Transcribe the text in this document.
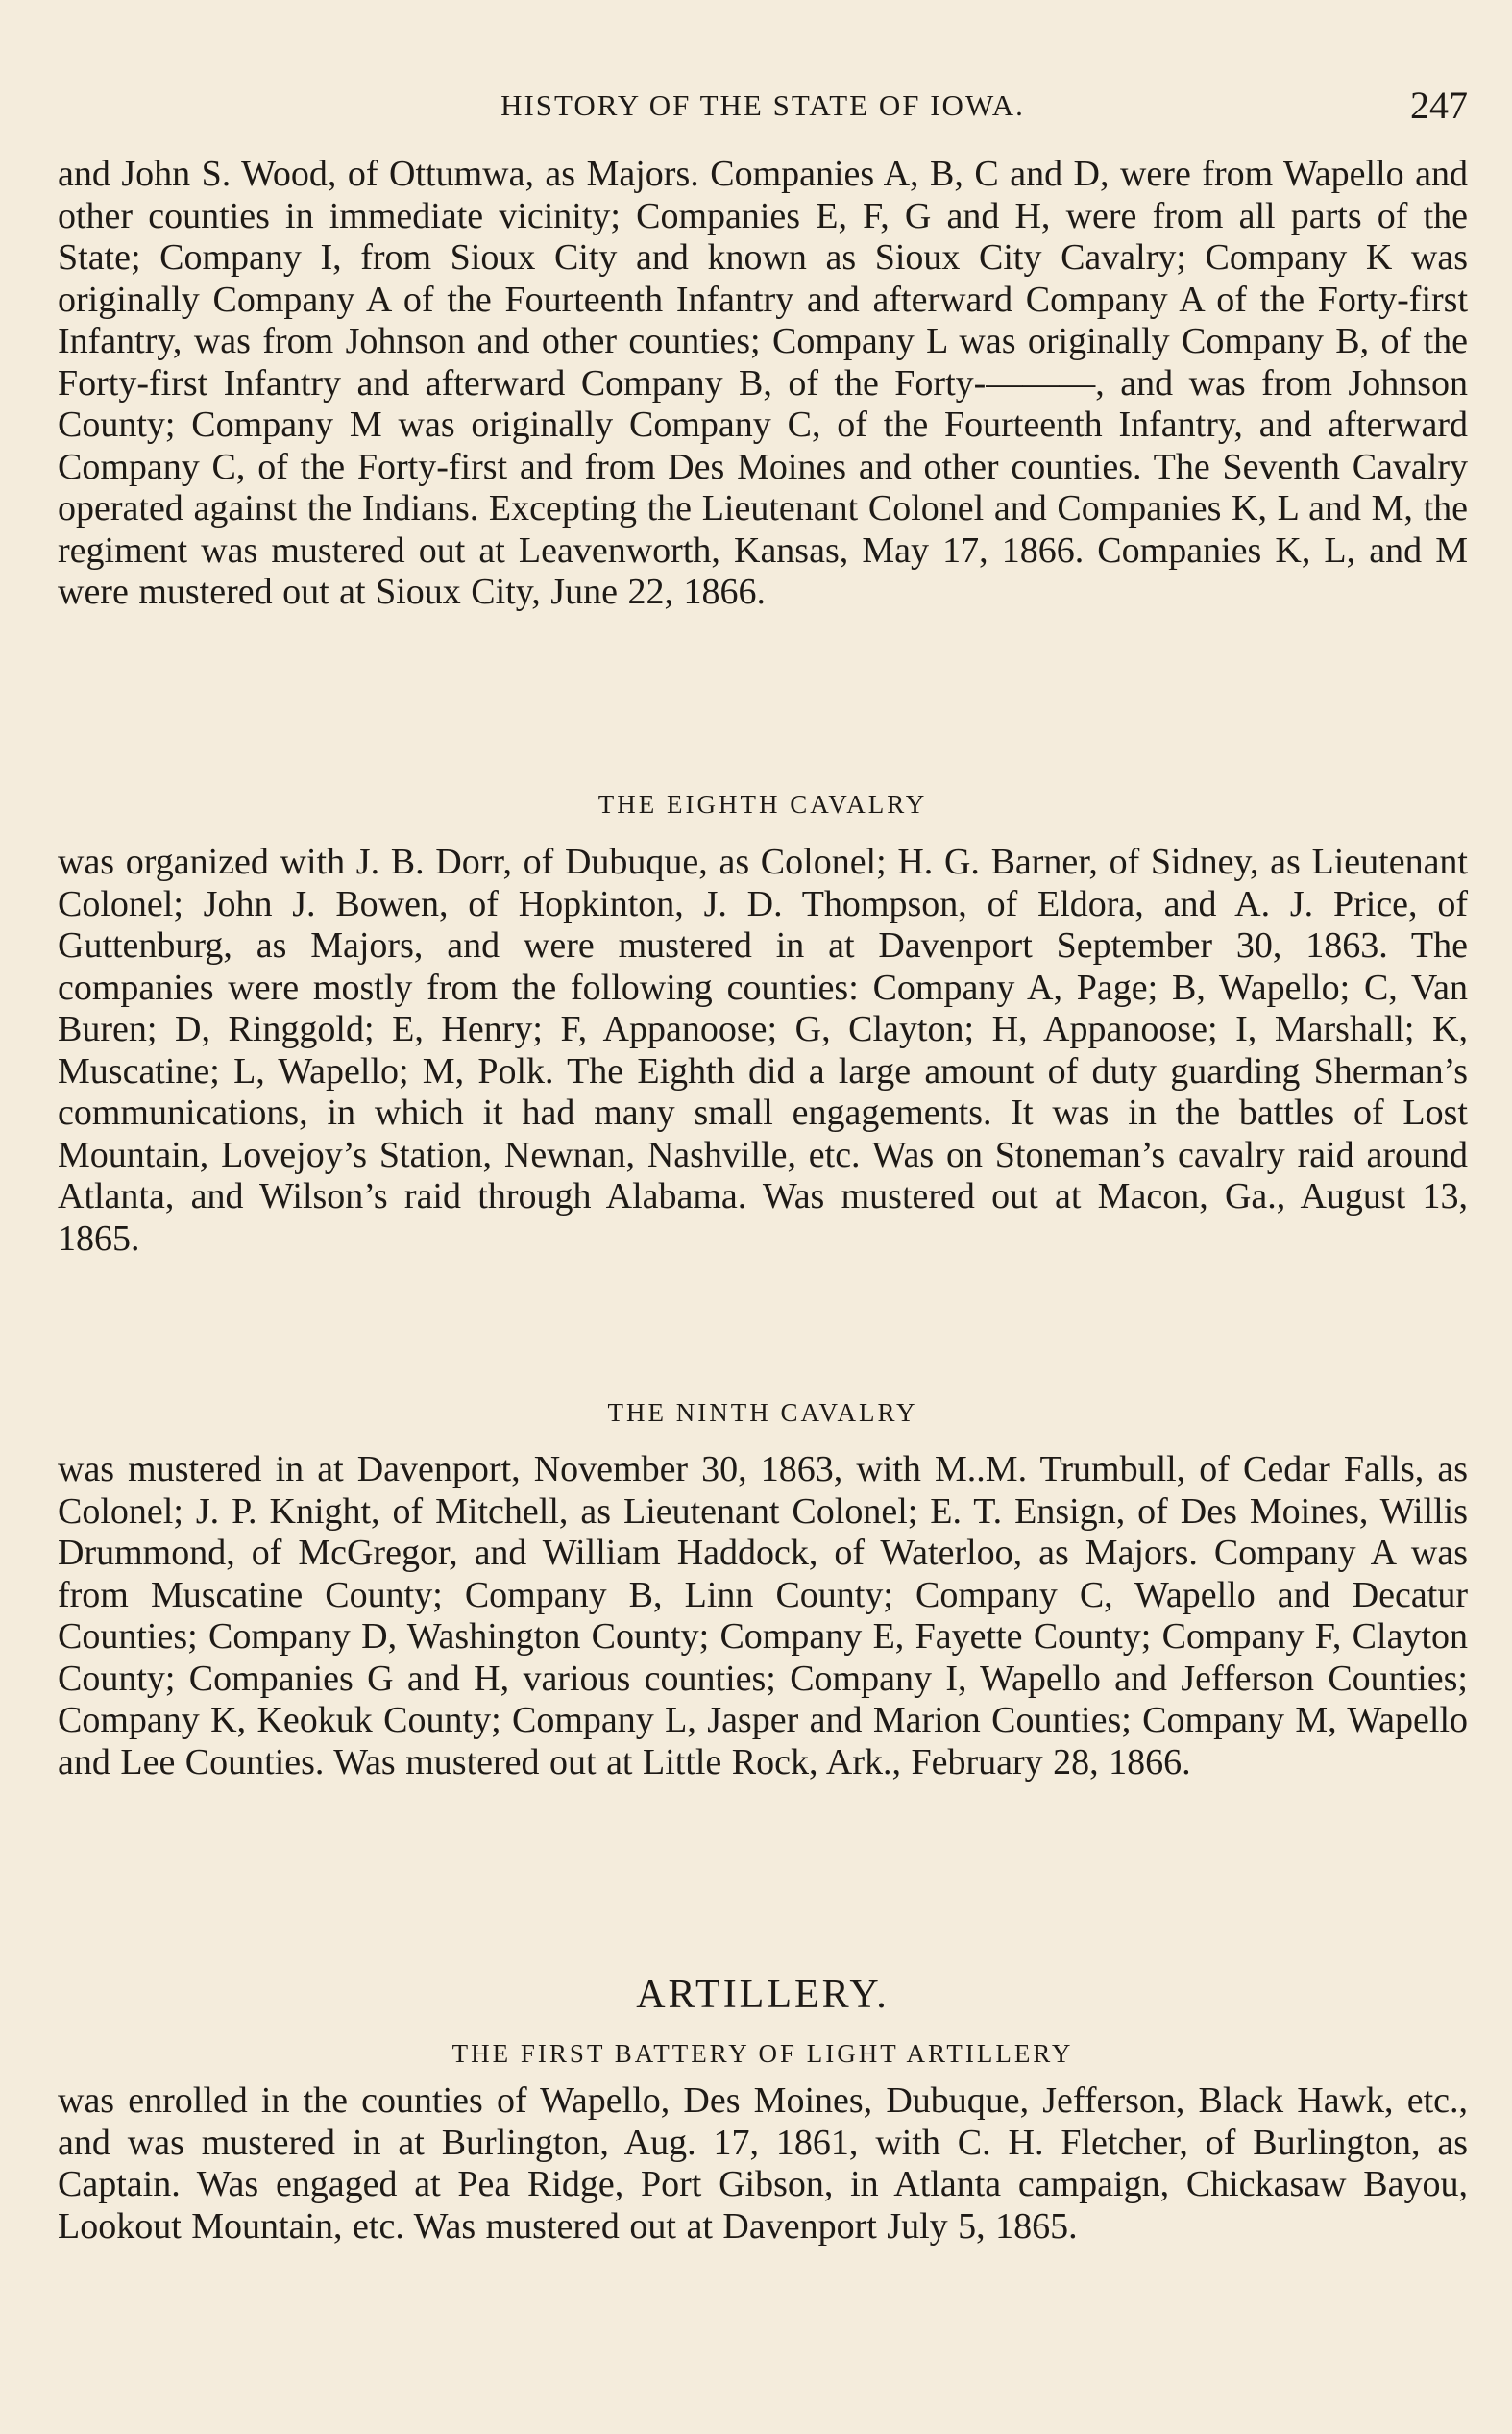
HISTORY OF THE STATE OF IOWA.	247

and John S. Wood, of Ottumwa, as Majors. Companies A, B, C and D, were from Wapello and other counties in immediate vicinity; Companies E, F, G and H, were from all parts of the State; Company I, from Sioux City and known as Sioux City Cavalry; Company K was originally Company A of the Fourteenth Infantry and afterward Company A of the Forty-first Infantry, was from Johnson and other counties; Company L was originally Company B, of the Forty-first Infantry and afterward Company B, of the Forty-———, and was from Johnson County; Company M was originally Company C, of the Fourteenth Infantry, and afterward Company C, of the Forty-first and from Des Moines and other counties. The Seventh Cavalry operated against the Indians. Excepting the Lieutenant Colonel and Companies K, L and M, the regiment was mustered out at Leavenworth, Kansas, May 17, 1866. Companies K, L, and M were mustered out at Sioux City, June 22, 1866.

THE EIGHTH CAVALRY

was organized with J. B. Dorr, of Dubuque, as Colonel; H. G. Barner, of Sidney, as Lieutenant Colonel; John J. Bowen, of Hopkinton, J. D. Thompson, of Eldora, and A. J. Price, of Guttenburg, as Majors, and were mustered in at Davenport September 30, 1863. The companies were mostly from the following counties: Company A, Page; B, Wapello; C, Van Buren; D, Ringgold; E, Henry; F, Appanoose; G, Clayton; H, Appanoose; I, Marshall; K, Muscatine; L, Wapello; M, Polk. The Eighth did a large amount of duty guarding Sherman’s communications, in which it had many small engagements. It was in the battles of Lost Mountain, Lovejoy’s Station, Newnan, Nashville, etc. Was on Stoneman’s cavalry raid around Atlanta, and Wilson’s raid through Alabama. Was mustered out at Macon, Ga., August 13, 1865.

THE NINTH CAVALRY

was mustered in at Davenport, November 30, 1863, with M..M. Trumbull, of Cedar Falls, as Colonel; J. P. Knight, of Mitchell, as Lieutenant Colonel; E. T. Ensign, of Des Moines, Willis Drummond, of McGregor, and William Haddock, of Waterloo, as Majors. Company A was from Muscatine County; Company B, Linn County; Company C, Wapello and Decatur Counties; Company D, Washington County; Company E, Fayette County; Company F, Clayton County; Companies G and H, various counties; Company I, Wapello and Jefferson Counties; Company K, Keokuk County; Company L, Jasper and Marion Counties; Company M, Wapello and Lee Counties. Was mustered out at Little Rock, Ark., February 28, 1866.

ARTILLERY.
THE FIRST BATTERY OF LIGHT ARTILLERY

was enrolled in the counties of Wapello, Des Moines, Dubuque, Jefferson, Black Hawk, etc., and was mustered in at Burlington, Aug. 17, 1861, with C. H. Fletcher, of Burlington, as Captain. Was engaged at Pea Ridge, Port Gibson, in Atlanta campaign, Chickasaw Bayou, Lookout Mountain, etc. Was mustered out at Davenport July 5, 1865.
